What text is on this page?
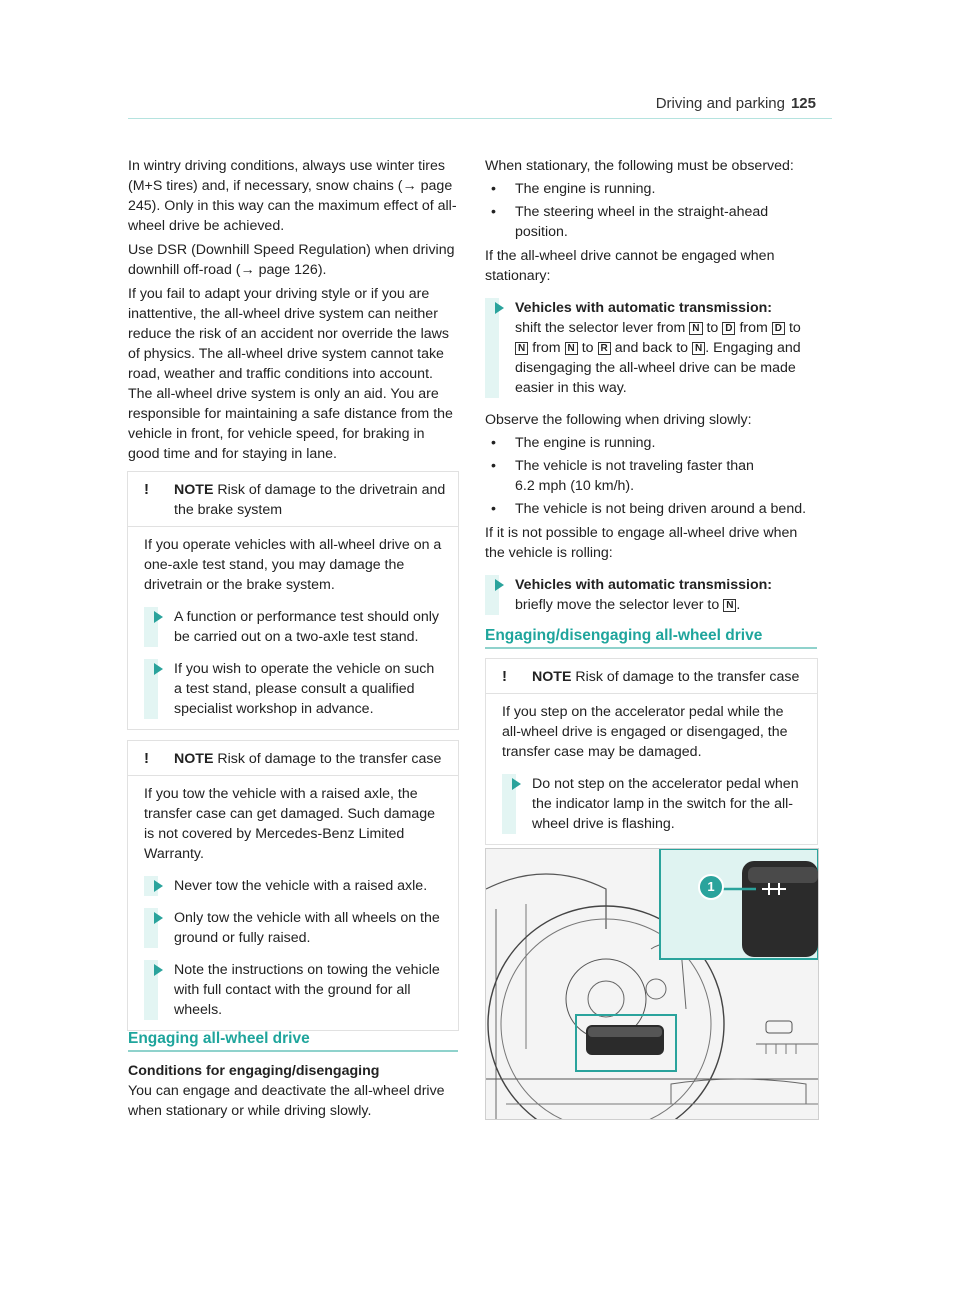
Driving and parking 125

In wintry driving conditions, always use winter tires (M+S tires) and, if necessary, snow chains (→ page 245). Only in this way can the maximum effect of all-wheel drive be achieved.

Use DSR (Downhill Speed Regulation) when driving downhill off-road (→ page 126).

If you fail to adapt your driving style or if you are inattentive, the all-wheel drive system can neither reduce the risk of an accident nor override the laws of physics. The all-wheel drive system cannot take road, weather and traffic conditions into account. The all-wheel drive system is only an aid. You are responsible for maintaining a safe distance from the vehicle in front, for vehicle speed, for braking in good time and for staying in lane.

!	NOTE Risk of damage to the drivetrain and the brake system

If you operate vehicles with all-wheel drive on a one-axle test stand, you may damage the drivetrain or the brake system.

A function or performance test should only be carried out on a two-axle test stand.

If you wish to operate the vehicle on such a test stand, please consult a qualified specialist workshop in advance.

!	NOTE Risk of damage to the transfer case

If you tow the vehicle with a raised axle, the transfer case can get damaged. Such damage is not covered by Mercedes-Benz Limited Warranty.

Never tow the vehicle with a raised axle.

Only tow the vehicle with all wheels on the ground or fully raised.

Note the instructions on towing the vehicle with full contact with the ground for all wheels.

Engaging all-wheel drive

Conditions for engaging/disengaging

You can engage and deactivate the all-wheel drive when stationary or while driving slowly.

When stationary, the following must be observed:

•	The engine is running.

•	The steering wheel in the straight-ahead position.

If the all-wheel drive cannot be engaged when stationary:

Vehicles with automatic transmission:

shift the selector lever from N to D from D to N from N to R and back to N . Engaging and disengaging the all-wheel drive can be made easier in this way.

Observe the following when driving slowly:

•	The engine is running.

•	The vehicle is not traveling faster than 6.2 mph (10 km/h).

•	The vehicle is not being driven around a bend.

If it is not possible to engage all-wheel drive when the vehicle is rolling:

Vehicles with automatic transmission:

briefly move the selector lever to N .

Engaging/disengaging all-wheel drive
!	NOTE Risk of damage to the transfer case

If you step on the accelerator pedal while the all-wheel drive is engaged or disengaged, the transfer case may be damaged.

Do not step on the accelerator pedal when the indicator lamp in the switch for the all-wheel drive is flashing.

1
